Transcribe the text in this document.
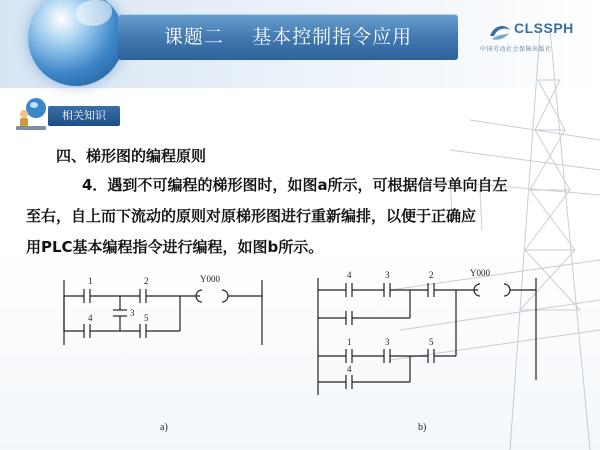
课题二    基本控制指令应用	CLSSPH
中国劳动社会保障出版社
相关知识
四、梯形图的编程原则
4．遇到不可编程的梯形图时，如图a所示，可根据信号单向自左
至右，自上而下流动的原则对原梯形图进行重新编排，以便于正确应
用PLC基本编程指令进行编程，如图b所示。
1	2
3
4	5
Y000
a)
4	3	2
1	3	5
4
Y000
b)
